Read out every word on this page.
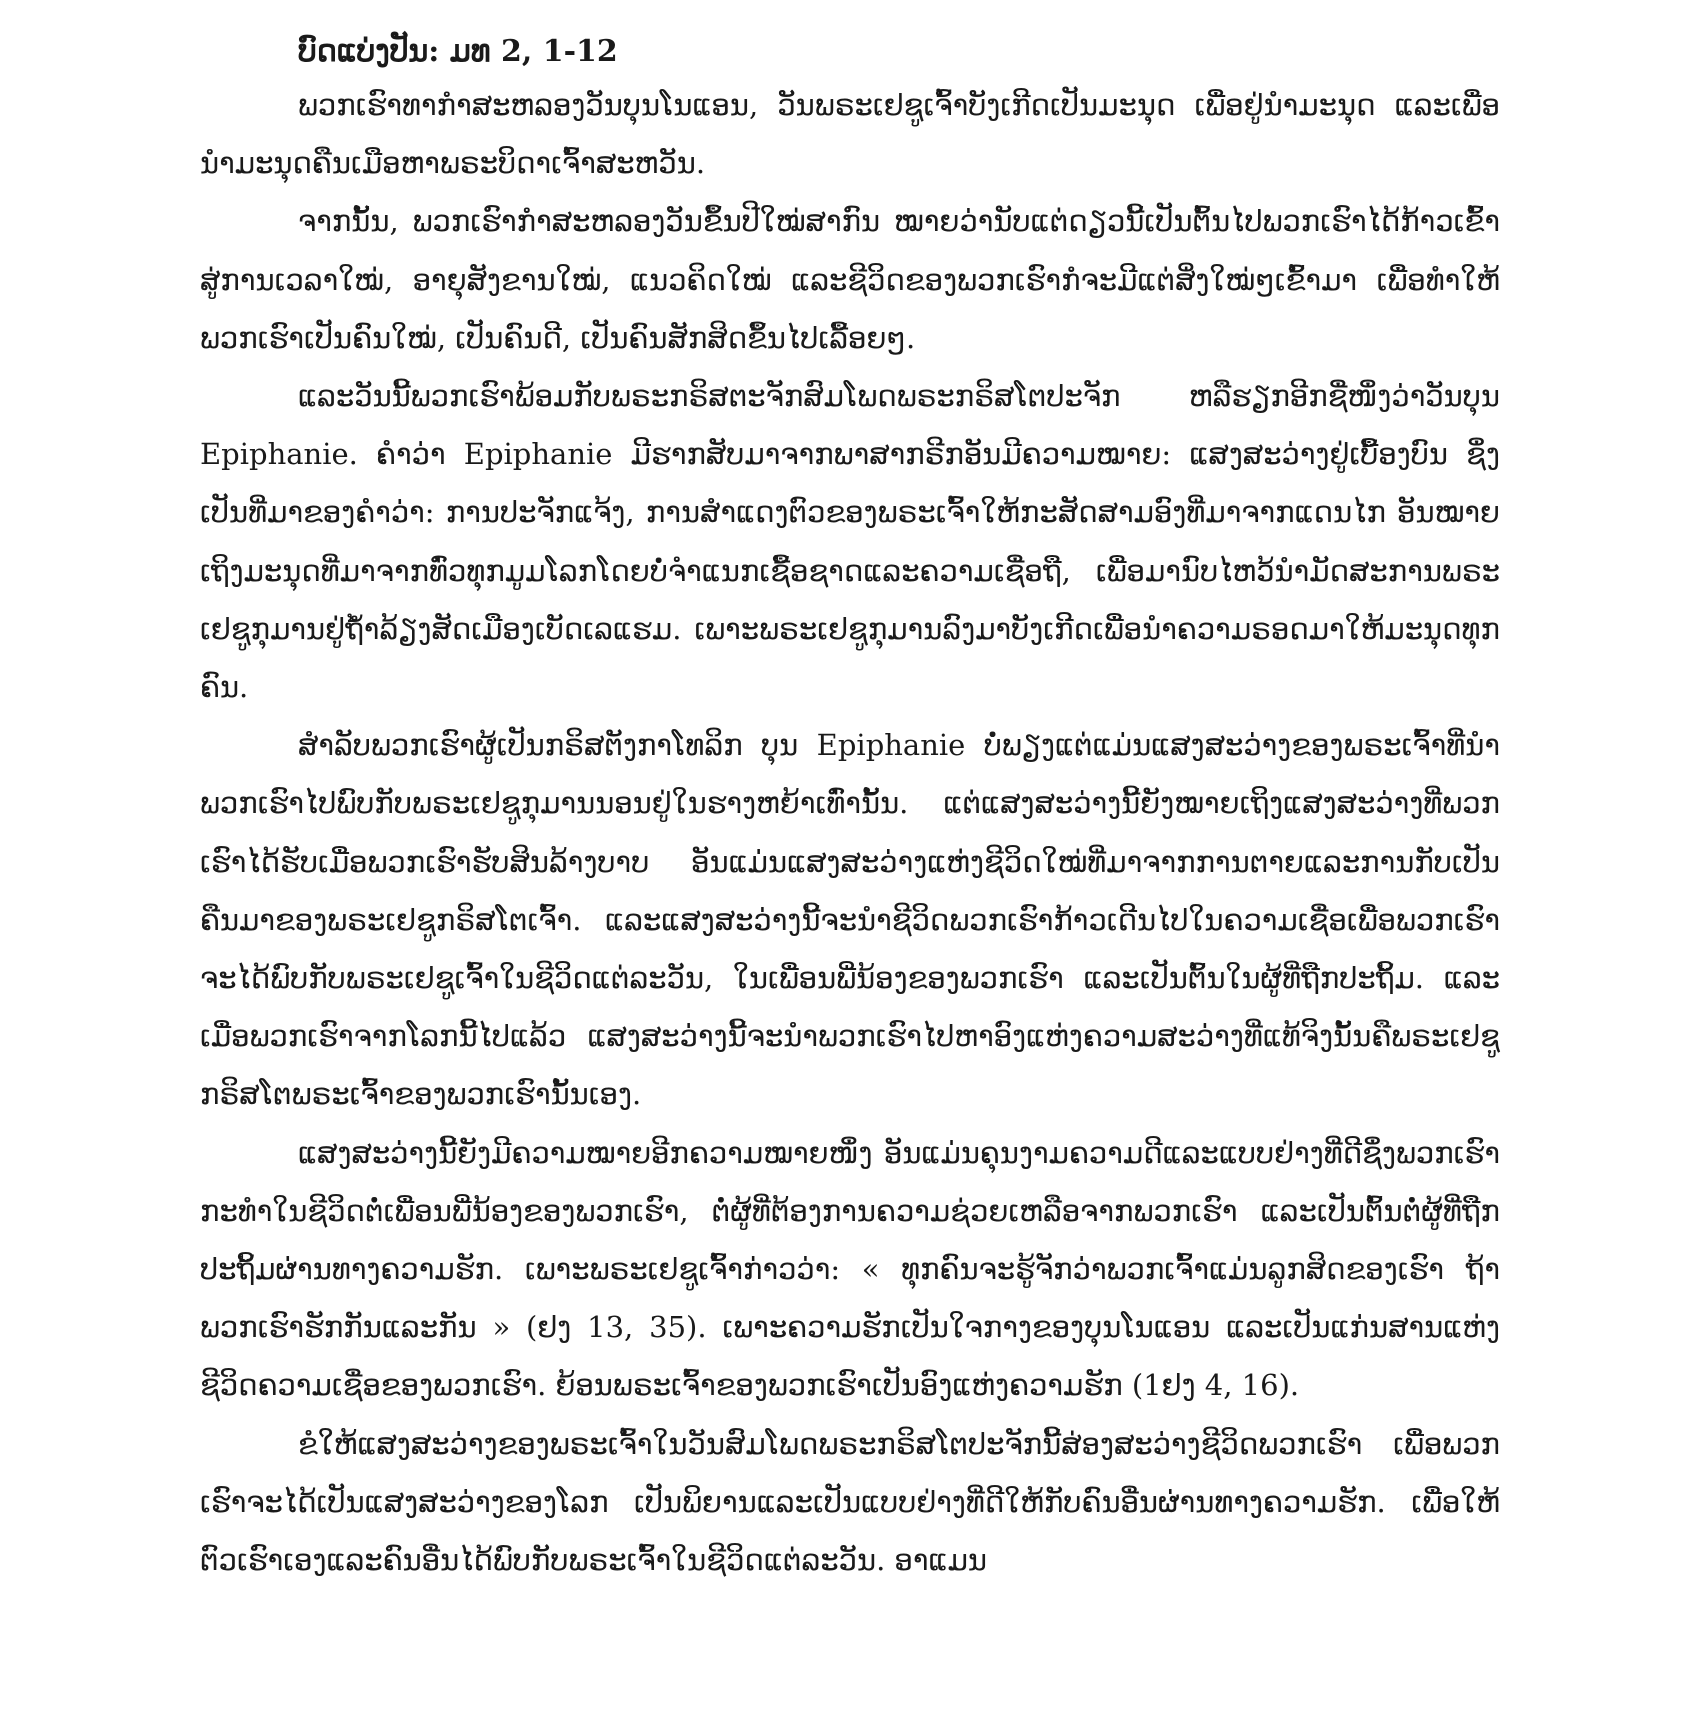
ບົດແບ່ງປັນ: ມທ 2, 1-12

ພວກເຮົາທາກໍາສະຫລອງວັນບຸນໂນແອນ, ວັນພຣະເຢຊູເຈົ້າບັງເກີດເປັນມະນຸດ ເພື່ອຢູ່ນໍາມະນຸດ ແລະເພື່ອນໍາມະນຸດຄືນເມືອຫາພຣະບິດາເຈົ້າສະຫວັນ.

ຈາກນັ້ນ, ພວກເຮົາກໍາສະຫລອງວັນຂຶ້ນປີໃໝ່ສາກົນ ໝາຍວ່ານັບແຕ່ດຽວນີ້ເປັນຕົ້ນໄປພວກເຮົາໄດ້ກ້າວເຂົ້າສູ່ການເວລາໃໝ່, ອາຍຸສັງຂານໃໝ່, ແນວຄິດໃໝ່ ແລະຊີວິດຂອງພວກເຮົາກໍຈະມີແຕ່ສິ່ງໃໝ່ໆເຂົ້າມາ ເພື່ອທໍາໃຫ້ພວກເຮົາເປັນຄົນໃໝ່, ເປັນຄົນດີ, ເປັນຄົນສັກສິດຂຶ້ນໄປເລື້ອຍໆ.

ແລະວັນນີ້ພວກເຮົາພ້ອມກັບພຣະກຣິສຕະຈັກສົມໂພດພຣະກຣິສໂຕປະຈັກ ຫລືຮຽກອີກຊື່ໜຶ່ງວ່າວັນບຸນ Epiphanie. ຄໍາວ່າ Epiphanie ມີຮາກສັບມາຈາກພາສາກຣີກອັນມີຄວາມໝາຍ: ແສງສະວ່າງຢູ່ເບື້ອງບົນ ຊຶ່ງເປັນທີ່ມາຂອງຄໍາວ່າ: ການປະຈັກແຈ້ງ, ການສໍາແດງຕົວຂອງພຣະເຈົ້າໃຫ້ກະສັດສາມອົງທີ່ມາຈາກແດນໄກ ອັນໝາຍເຖິງມະນຸດທີ່ມາຈາກທົ່ວທຸກມູມໂລກໂດຍບໍ່ຈໍາແນກເຊື້ອຊາດແລະຄວາມເຊື່ອຖື, ເພື່ອມານົບໄຫວ້ນໍາມັດສະການພຣະເຢຊູກຸມານຢູ່ຖໍ້າລ້ຽງສັດເມືອງເບັດເລແຮມ. ເພາະພຣະເຢຊູກຸມານລົງມາບັງເກີດເພື່ອນໍາຄວາມຣອດມາໃຫ້ມະນຸດທຸກຄົນ.

ສໍາລັບພວກເຮົາຜູ້ເປັນກຣິສຕັງກາໂທລິກ ບຸນ Epiphanie ບໍ່ພຽງແຕ່ແມ່ນແສງສະວ່າງຂອງພຣະເຈົ້າທີ່ນໍາພວກເຮົາໄປພົບກັບພຣະເຢຊູກຸມານນອນຢູ່ໃນຮາງຫຍ້າເທົ່ານັ້ນ. ແຕ່ແສງສະວ່າງນີ້ຍັງໝາຍເຖິງແສງສະວ່າງທີ່ພວກເຮົາໄດ້ຮັບເມື່ອພວກເຮົາຮັບສິນລ້າງບາບ ອັນແມ່ນແສງສະວ່າງແຫ່ງຊີວິດໃໝ່ທີ່ມາຈາກການຕາຍແລະການກັບເປັນຄືນມາຂອງພຣະເຢຊູກຣິສໂຕເຈົ້າ. ແລະແສງສະວ່າງນີ້ຈະນໍາຊີວິດພວກເຮົາກ້າວເດີນໄປໃນຄວາມເຊື່ອເພື່ອພວກເຮົາຈະໄດ້ພົບກັບພຣະເຢຊູເຈົ້າໃນຊີວິດແຕ່ລະວັນ, ໃນເພື່ອນພີ່ນ້ອງຂອງພວກເຮົາ ແລະເປັນຕົ້ນໃນຜູ້ທີ່ຖືກປະຖິ້ມ. ແລະເມື່ອພວກເຮົາຈາກໂລກນີ້ໄປແລ້ວ ແສງສະວ່າງນີ້ຈະນໍາພວກເຮົາໄປຫາອົງແຫ່ງຄວາມສະວ່າງທີ່ແທ້ຈິງນັ້ນຄືພຣະເຢຊູກຣິສໂຕພຣະເຈົ້າຂອງພວກເຮົານັ້ນເອງ.

ແສງສະວ່າງນີ້ຍັງມີຄວາມໝາຍອີກຄວາມໝາຍໜຶ່ງ ອັນແມ່ນຄຸນງາມຄວາມດີແລະແບບຢ່າງທີ່ດີຊຶ່ງພວກເຮົາກະທໍາໃນຊີວິດຕໍ່ເພື່ອນພີ່ນ້ອງຂອງພວກເຮົາ, ຕໍ່ຜູ້ທີ່ຕ້ອງການຄວາມຊ່ວຍເຫລືອຈາກພວກເຮົາ ແລະເປັນຕົ້ນຕໍ່ຜູ້ທີ່ຖືກປະຖິ້ມຜ່ານທາງຄວາມຮັກ. ເພາະພຣະເຢຊູເຈົ້າກ່າວວ່າ: « ທຸກຄົນຈະຮູ້ຈັກວ່າພວກເຈົ້າແມ່ນລູກສິດຂອງເຮົາ ຖ້າພວກເຮົາຮັກກັນແລະກັນ » (ຢງ 13, 35). ເພາະຄວາມຮັກເປັນໃຈກາງຂອງບຸນໂນແອນ ແລະເປັນແກ່ນສານແຫ່ງຊີວິດຄວາມເຊື່ອຂອງພວກເຮົາ. ຍ້ອນພຣະເຈົ້າຂອງພວກເຮົາເປັນອົງແຫ່ງຄວາມຮັກ (1ຢງ 4, 16).

ຂໍໃຫ້ແສງສະວ່າງຂອງພຣະເຈົ້າໃນວັນສົມໂພດພຣະກຣິສໂຕປະຈັກນີ້ສ່ອງສະວ່າງຊີວິດພວກເຮົາ ເພື່ອພວກເຮົາຈະໄດ້ເປັນແສງສະວ່າງຂອງໂລກ ເປັນພິຍານແລະເປັນແບບຢ່າງທີ່ດີໃຫ້ກັບຄົນອື່ນຜ່ານທາງຄວາມຮັກ. ເພື່ອໃຫ້ຕົວເຮົາເອງແລະຄົນອື່ນໄດ້ພົບກັບພຣະເຈົ້າໃນຊີວິດແຕ່ລະວັນ. ອາແມນ
